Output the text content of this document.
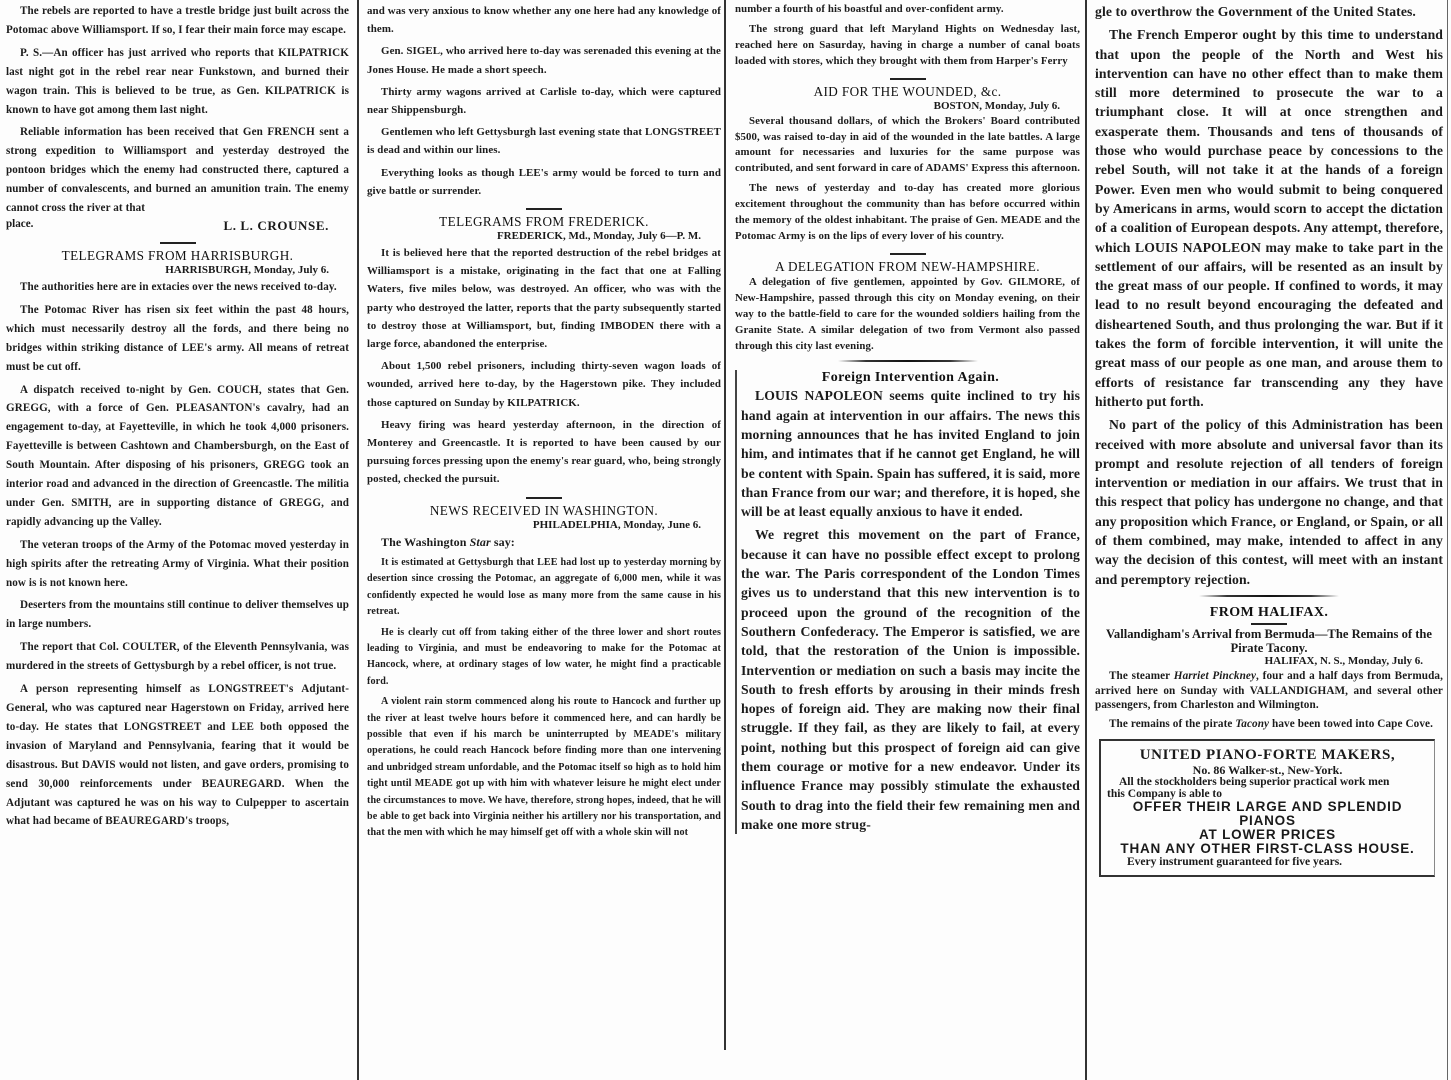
The rebels are reported to have a trestle bridge just built across the Potomac above Williamsport. If so, I fear their main force may escape.

P. S.—An officer has just arrived who reports that KILPATRICK last night got in the rebel rear near Funkstown, and burned their wagon train. This is believed to be true, as Gen. KILPATRICK is known to have got among them last night.

Reliable information has been received that Gen FRENCH sent a strong expedition to Williamsport and yesterday destroyed the pontoon bridges which the enemy had constructed there, captured a number of convalescents, and burned an amunition train. The enemy cannot cross the river at that

place.	L. L. CROUNSE.
TELEGRAMS FROM HARRISBURGH.
HARRISBURGH, Monday, July 6.

The authorities here are in extacies over the news received to-day.

The Potomac River has risen six feet within the past 48 hours, which must necessarily destroy all the fords, and there being no bridges within striking distance of LEE's army. All means of retreat must be cut off.

A dispatch received to-night by Gen. COUCH, states that Gen. GREGG, with a force of Gen. PLEASANTON's cavalry, had an engagement to-day, at Fayetteville, in which he took 4,000 prisoners. Fayetteville is between Cashtown and Chambersburgh, on the East of South Mountain. After disposing of his prisoners, GREGG took an interior road and advanced in the direction of Greencastle. The militia under Gen. SMITH, are in supporting distance of GREGG, and rapidly advancing up the Valley.

The veteran troops of the Army of the Potomac moved yesterday in high spirits after the retreating Army of Virginia. What their position now is is not known here.

Deserters from the mountains still continue to deliver themselves up in large numbers.

The report that Col. COULTER, of the Eleventh Pennsylvania, was murdered in the streets of Gettysburgh by a rebel officer, is not true.

A person representing himself as LONGSTREET's Adjutant-General, who was captured near Hagerstown on Friday, arrived here to-day. He states that LONGSTREET and LEE both opposed the invasion of Maryland and Pennsylvania, fearing that it would be disastrous. But DAVIS would not listen, and gave orders, promising to send 30,000 reinforcements under BEAUREGARD. When the Adjutant was captured he was on his way to Culpepper to ascertain what had became of BEAUREGARD's troops,

and was very anxious to know whether any one here had any knowledge of them.

Gen. SIGEL, who arrived here to-day was serenaded this evening at the Jones House. He made a short speech.

Thirty army wagons arrived at Carlisle to-day, which were captured near Shippensburgh.

Gentlemen who left Gettysburgh last evening state that LONGSTREET is dead and within our lines.

Everything looks as though LEE's army would be forced to turn and give battle or surrender.

TELEGRAMS FROM FREDERICK.
FREDERICK, Md., Monday, July 6—P. M.

It is believed here that the reported destruction of the rebel bridges at Williamsport is a mistake, originating in the fact that one at Falling Waters, five miles below, was destroyed. An officer, who was with the party who destroyed the latter, reports that the party subsequently started to destroy those at Williamsport, but, finding IMBODEN there with a large force, abandoned the enterprise.

About 1,500 rebel prisoners, including thirty-seven wagon loads of wounded, arrived here to-day, by the Hagerstown pike. They included those captured on Sunday by KILPATRICK.

Heavy firing was heard yesterday afternoon, in the direction of Monterey and Greencastle. It is reported to have been caused by our pursuing forces pressing upon the enemy's rear guard, who, being strongly posted, checked the pursuit.

NEWS RECEIVED IN WASHINGTON.
PHILADELPHIA, Monday, June 6.

The Washington Star say:

It is estimated at Gettysburgh that LEE had lost up to yesterday morning by desertion since crossing the Potomac, an aggregate of 6,000 men, while it was confidently expected he would lose as many more from the same cause in his retreat.

He is clearly cut off from taking either of the three lower and short routes leading to Virginia, and must be endeavoring to make for the Potomac at Hancock, where, at ordinary stages of low water, he might find a practicable ford.

A violent rain storm commenced along his route to Hancock and further up the river at least twelve hours before it commenced here, and can hardly be possible that even if his march be uninterrupted by MEADE's military operations, he could reach Hancock before finding more than one intervening and unbridged stream unfordable, and the Potomac itself so high as to hold him tight until MEADE got up with him with whatever leisure he might elect under the circumstances to move. We have, therefore, strong hopes, indeed, that he will be able to get back into Virginia neither his artillery nor his transportation, and that the men with which he may himself get off with a whole skin will not

number a fourth of his boastful and over-confident army.

The strong guard that left Maryland Hights on Wednesday last, reached here on Sasurday, having in charge a number of canal boats loaded with stores, which they brought with them from Harper's Ferry

AID FOR THE WOUNDED, &c.
BOSTON, Monday, July 6.

Several thousand dollars, of which the Brokers' Board contributed $500, was raised to-day in aid of the wounded in the late battles. A large amount for necessaries and luxuries for the same purpose was contributed, and sent forward in care of ADAMS' Express this afternoon.

The news of yesterday and to-day has created more glorious excitement throughout the community than has before occurred within the memory of the oldest inhabitant. The praise of Gen. MEADE and the Potomac Army is on the lips of every lover of his country.

A DELEGATION FROM NEW-HAMPSHIRE.

A delegation of five gentlemen, appointed by Gov. GILMORE, of New-Hampshire, passed through this city on Monday evening, on their way to the battle-field to care for the wounded soldiers hailing from the Granite State. A similar delegation of two from Vermont also passed through this city last evening.

Foreign Intervention Again.

LOUIS NAPOLEON seems quite inclined to try his hand again at intervention in our affairs. The news this morning announces that he has invited England to join him, and intimates that if he cannot get England, he will be content with Spain. Spain has suffered, it is said, more than France from our war; and therefore, it is hoped, she will be at least equally anxious to have it ended.

We regret this movement on the part of France, because it can have no possible effect except to prolong the war. The Paris correspondent of the London Times gives us to understand that this new intervention is to proceed upon the ground of the recognition of the Southern Confederacy. The Emperor is satisfied, we are told, that the restoration of the Union is impossible. Intervention or mediation on such a basis may incite the South to fresh efforts by arousing in their minds fresh hopes of foreign aid. They are making now their final struggle. If they fail, as they are likely to fail, at every point, nothing but this prospect of foreign aid can give them courage or motive for a new endeavor. Under its influence France may possibly stimulate the exhausted South to drag into the field their few remaining men and make one more strug-

gle to overthrow the Government of the United States.

The French Emperor ought by this time to understand that upon the people of the North and West his intervention can have no other effect than to make them still more determined to prosecute the war to a triumphant close. It will at once strengthen and exasperate them. Thousands and tens of thousands of those who would purchase peace by concessions to the rebel South, will not take it at the hands of a foreign Power. Even men who would submit to being conquered by Americans in arms, would scorn to accept the dictation of a coalition of European despots. Any attempt, therefore, which LOUIS NAPOLEON may make to take part in the settlement of our affairs, will be resented as an insult by the great mass of our people. If confined to words, it may lead to no result beyond encouraging the defeated and disheartened South, and thus prolonging the war. But if it takes the form of forcible intervention, it will unite the great mass of our people as one man, and arouse them to efforts of resistance far transcending any they have hitherto put forth.

No part of the policy of this Administration has been received with more absolute and universal favor than its prompt and resolute rejection of all tenders of foreign intervention or mediation in our affairs. We trust that in this respect that policy has undergone no change, and that any proposition which France, or England, or Spain, or all of them combined, may make, intended to affect in any way the decision of this contest, will meet with an instant and peremptory rejection.

FROM HALIFAX.
Vallandigham's Arrival from Bermuda—The Remains of the Pirate Tacony.
HALIFAX, N. S., Monday, July 6.

The steamer Harriet Pinckney, four and a half days from Bermuda, arrived here on Sunday with VALLANDIGHAM, and several other passengers, from Charleston and Wilmington.

The remains of the pirate Tacony have been towed into Cape Cove.

UNITED PIANO-FORTE MAKERS,
No. 86 Walker-st., New-York.
All the stockholders being superior practical work men
this Company is able to
OFFER THEIR LARGE AND SPLENDID PIANOS
AT LOWER PRICES
THAN ANY OTHER FIRST-CLASS HOUSE.
Every instrument guaranteed for five years.
